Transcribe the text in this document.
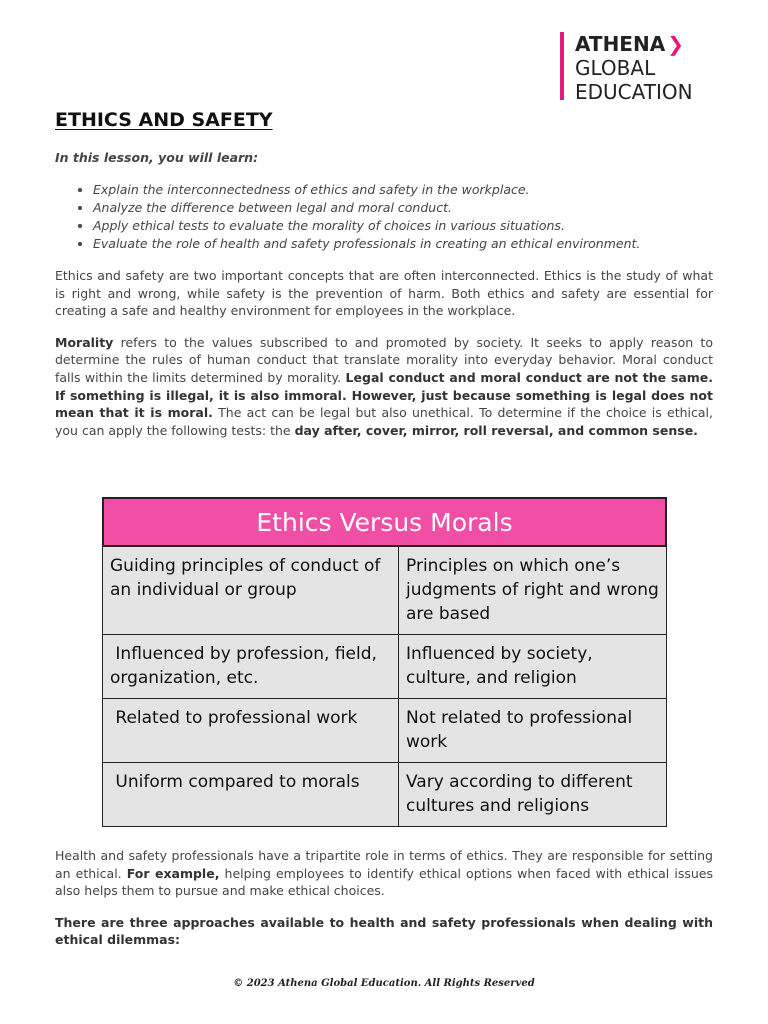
ATHENA ❯
GLOBAL
EDUCATION
ETHICS AND SAFETY

In this lesson, you will learn:

• Explain the interconnectedness of ethics and safety in the workplace.
• Analyze the difference between legal and moral conduct.
• Apply ethical tests to evaluate the morality of choices in various situations.
• Evaluate the role of health and safety professionals in creating an ethical environment.

Ethics and safety are two important concepts that are often interconnected. Ethics is the study of what is right and wrong, while safety is the prevention of harm. Both ethics and safety are essential for creating a safe and healthy environment for employees in the workplace.

Morality refers to the values subscribed to and promoted by society. It seeks to apply reason to determine the rules of human conduct that translate morality into everyday behavior. Moral conduct falls within the limits determined by morality. Legal conduct and moral conduct are not the same. If something is illegal, it is also immoral. However, just because something is legal does not mean that it is moral. The act can be legal but also unethical. To determine if the choice is ethical, you can apply the following tests: the day after, cover, mirror, roll reversal, and common sense.

Ethics Versus Morals
Guiding principles of conduct of an individual or group	Principles on which one’s judgments of right and wrong are based
Influenced by profession, field, organization, etc.	Influenced by society, culture, and religion
Related to professional work	Not related to professional work
Uniform compared to morals	Vary according to different cultures and religions

Health and safety professionals have a tripartite role in terms of ethics. They are responsible for setting an ethical. For example, helping employees to identify ethical options when faced with ethical issues also helps them to pursue and make ethical choices.

There are three approaches available to health and safety professionals when dealing with ethical dilemmas:

© 2023 Athena Global Education. All Rights Reserved
